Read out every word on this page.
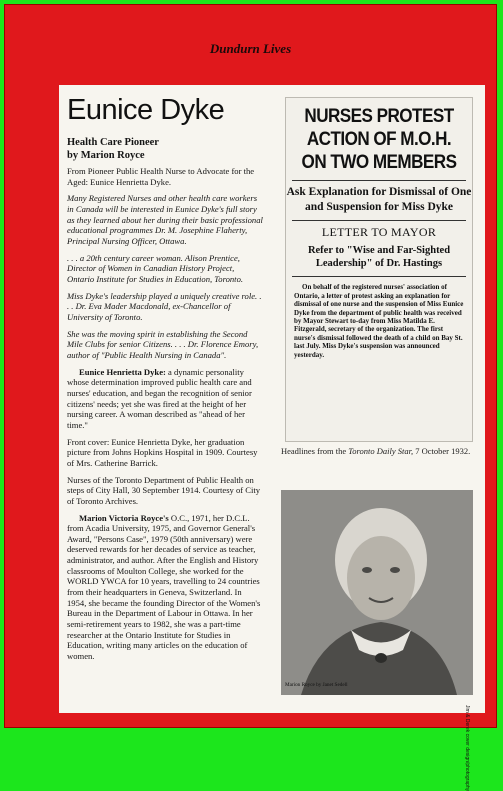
Dundurn Lives
Eunice Dyke
Health Care Pioneer
by Marion Royce

From Pioneer Public Health Nurse to Advocate for the Aged: Eunice Henrietta Dyke.

Many Registered Nurses and other health care workers in Canada will be interested in Eunice Dyke's full story as they learned about her during their basic professional educational programmes Dr. M. Josephine Flaherty, Principal Nursing Officer, Ottawa.

. . . a 20th century career woman. Alison Prentice, Director of Women in Canadian History Project, Ontario Institute for Studies in Education, Toronto.

Miss Dyke's leadership played a uniquely creative role. . . . Dr. Eva Mader Macdonald, ex-Chancellor of University of Toronto.

She was the moving spirit in establishing the Second Mile Clubs for senior Citizens. . . . Dr. Florence Emory, author of "Public Health Nursing in Canada".

Eunice Henrietta Dyke: a dynamic personality whose determination improved public health care and nurses' education, and began the recognition of senior citizens' needs; yet she was fired at the height of her nursing career. A woman described as "ahead of her time."

Front cover: Eunice Henrietta Dyke, her graduation picture from Johns Hopkins Hospital in 1909. Courtesy of Mrs. Catherine Barrick.

Nurses of the Toronto Department of Public Health on steps of City Hall, 30 September 1914. Courtesy of City of Toronto Archives.

Marion Victoria Royce's O.C., 1971, her D.C.L. from Acadia University, 1975, and Governor General's Award, "Persons Case", 1979 (50th anniversary) were deserved rewards for her decades of service as teacher, administrator, and author. After the English and History classrooms of Moulton College, she worked for the WORLD YWCA for 10 years, travelling to 24 countries from their headquarters in Geneva, Switzerland. In 1954, she became the founding Director of the Women's Bureau in the Department of Labour in Ottawa. In her semi-retirement years to 1982, she was a part-time researcher at the Ontario Institute for Studies in Education, writing many articles on the education of women.

NURSES PROTEST
ACTION OF M.O.H.
ON TWO MEMBERS
Ask Explanation for Dismissal of One and Suspension for Miss Dyke
LETTER TO MAYOR
Refer to "Wise and Far-Sighted Leadership" of Dr. Hastings
On behalf of the registered nurses' association of Ontario, a letter of protest asking an explanation for dismissal of one nurse and the suspension of Miss Eunice Dyke from the department of public health was received by Mayor Stewart to-day from Miss Matilda E. Fitzgerald, secretary of the organization. The first nurse's dismissal followed the death of a child on Bay St. last July. Miss Dyke's suspension was announced yesterday.
Headlines from the Toronto Daily Star, 7 October 1932.
Marion Royce by Janet Sedell
Jim & Derek cover design/photography
